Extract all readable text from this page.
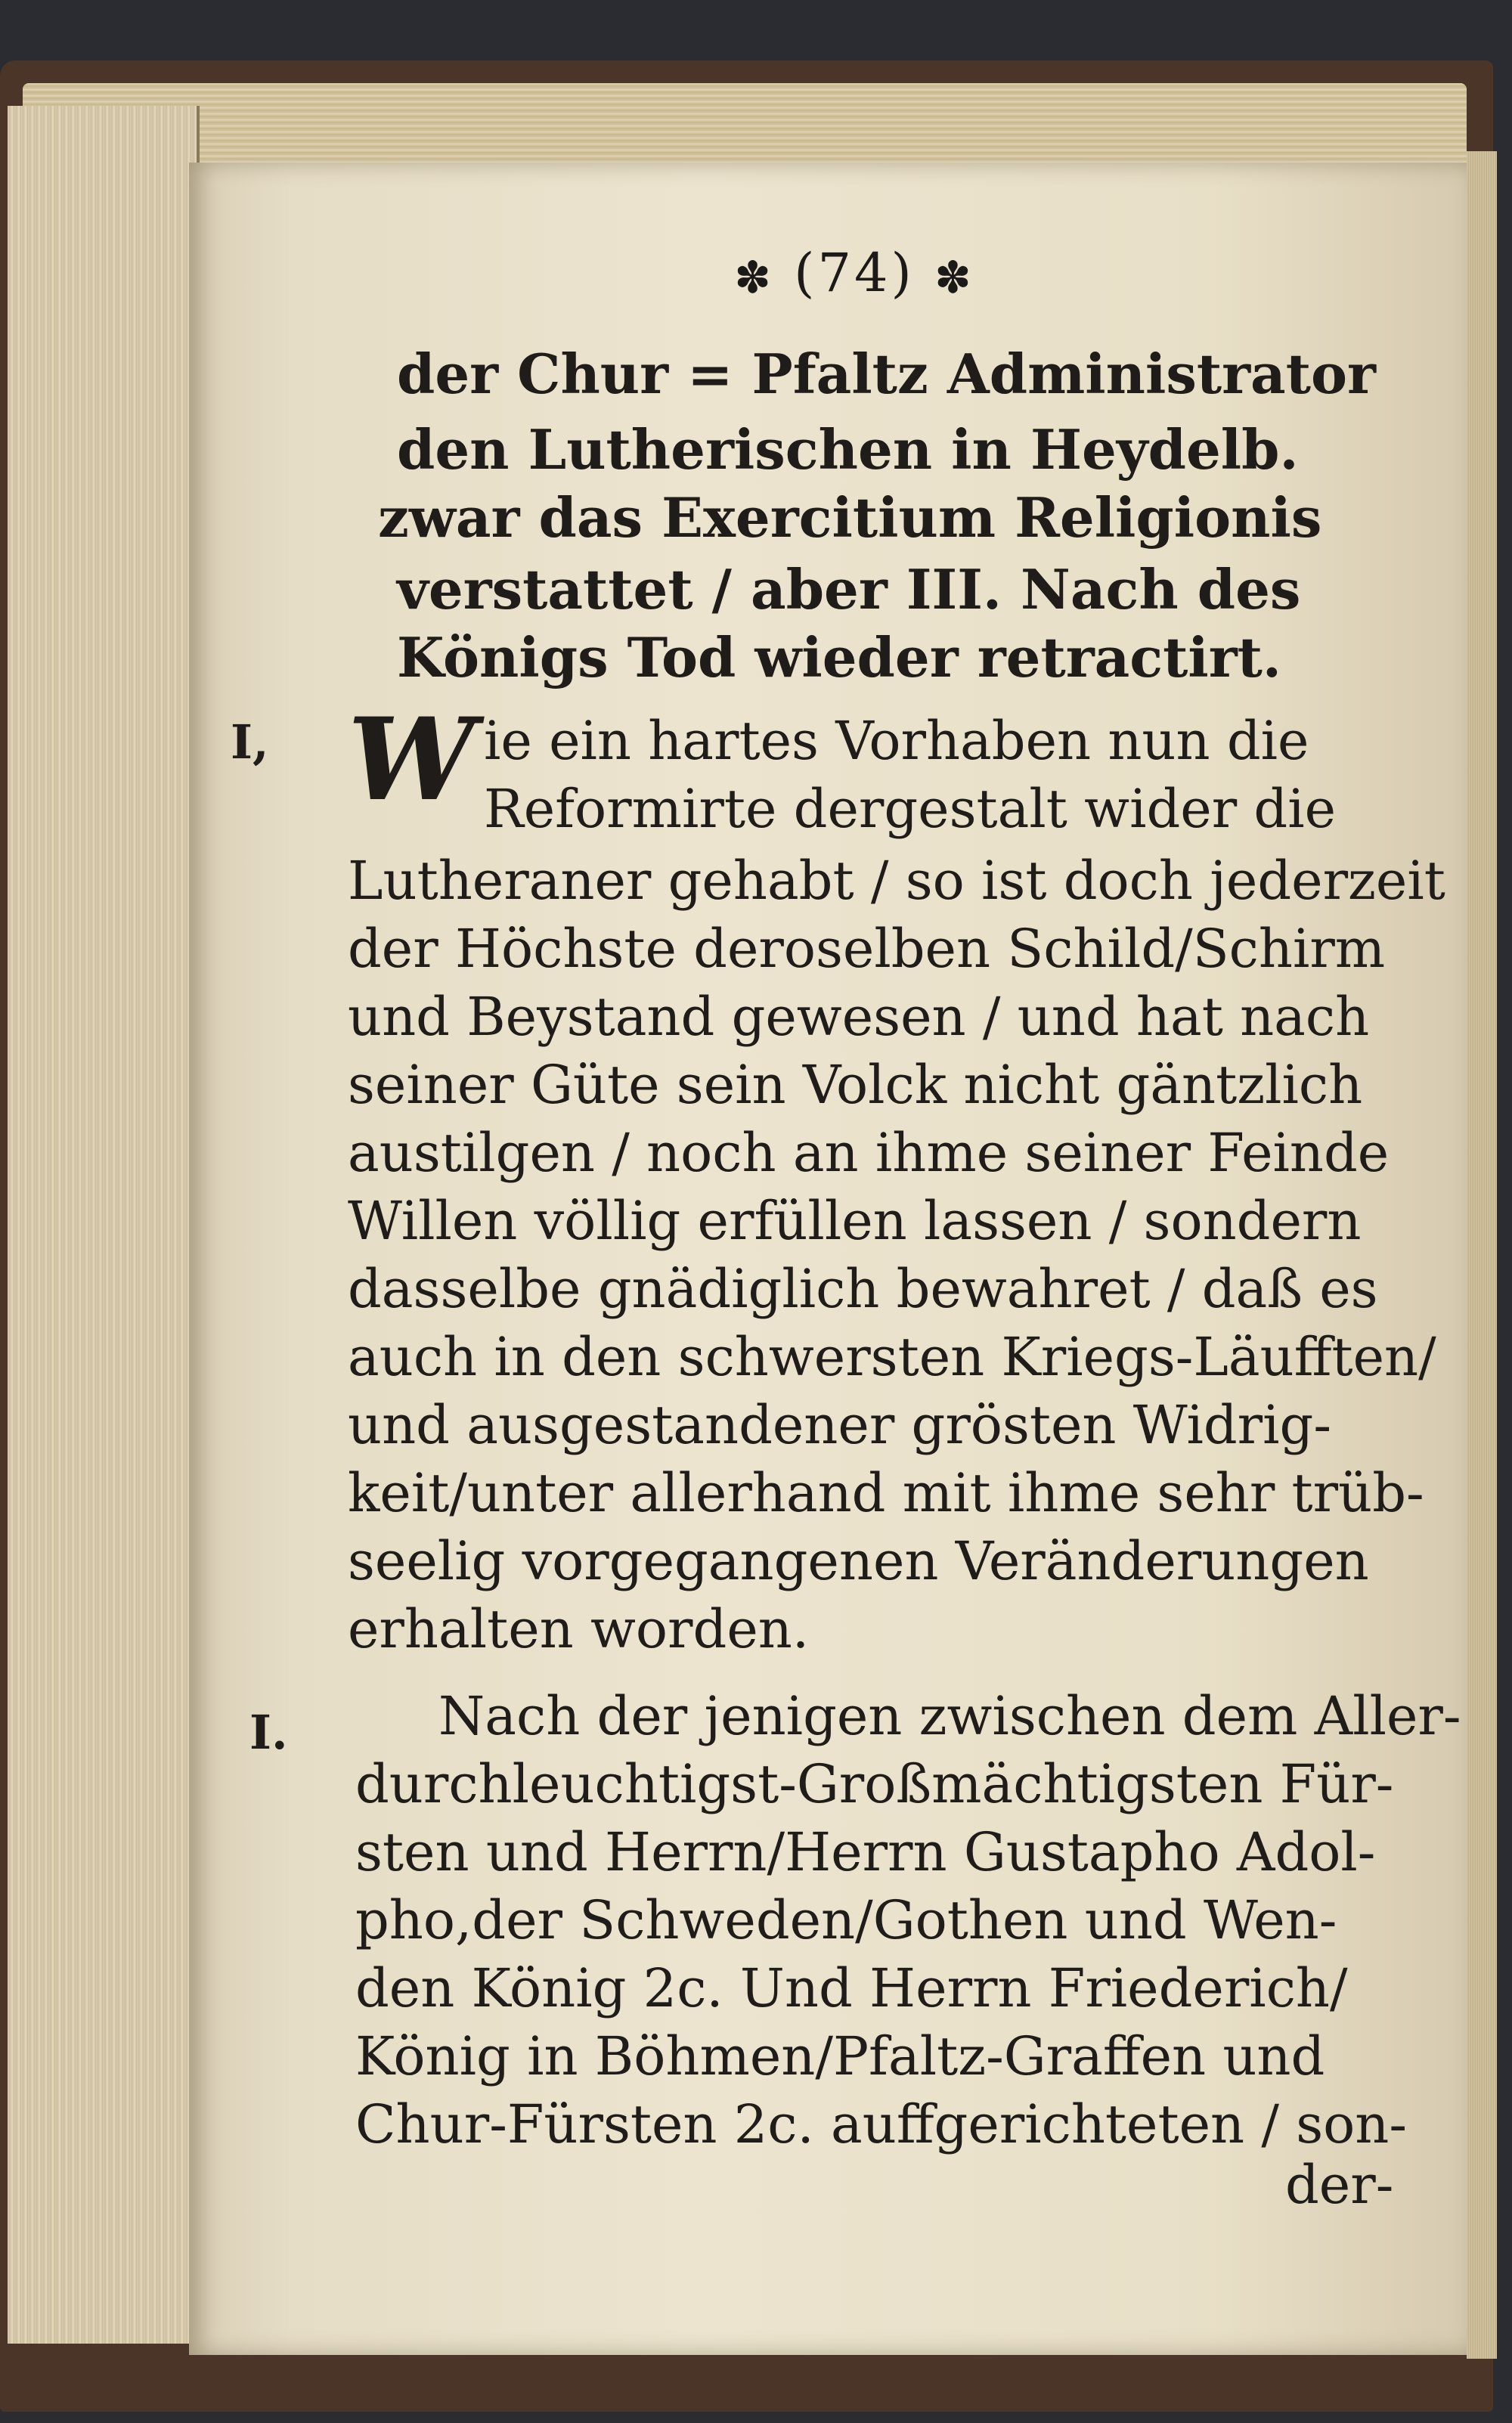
✽ (74) ✽
der Chur = Pfaltz Administrator
den Lutherischen in Heydelb.
zwar das Exercitium Religionis
verstattet / aber III. Nach des
Königs Tod wieder retractirt.
I,
I.
W ie ein hartes Vorhaben nun die
Reformirte dergestalt wider die
Lutheraner gehabt / so ist doch jederzeit
der Höchste deroselben Schild/Schirm
und Beystand gewesen / und hat nach
seiner Güte sein Volck nicht gäntzlich
austilgen / noch an ihme seiner Feinde
Willen völlig erfüllen lassen / sondern
dasselbe gnädiglich bewahret / daß es
auch in den schwersten Kriegs-Läufften/
und ausgestandener grösten Widrig-
keit/unter allerhand mit ihme sehr trüb-
seelig vorgegangenen Veränderungen
erhalten worden.
Nach der jenigen zwischen dem Aller-
durchleuchtigst-Großmächtigsten Für-
sten und Herrn/Herrn Gustapho Adol-
pho,der Schweden/Gothen und Wen-
den König 2c. Und Herrn Friederich/
König in Böhmen/Pfaltz-Graffen und
Chur-Fürsten 2c. auffgerichteten / son-
der-
